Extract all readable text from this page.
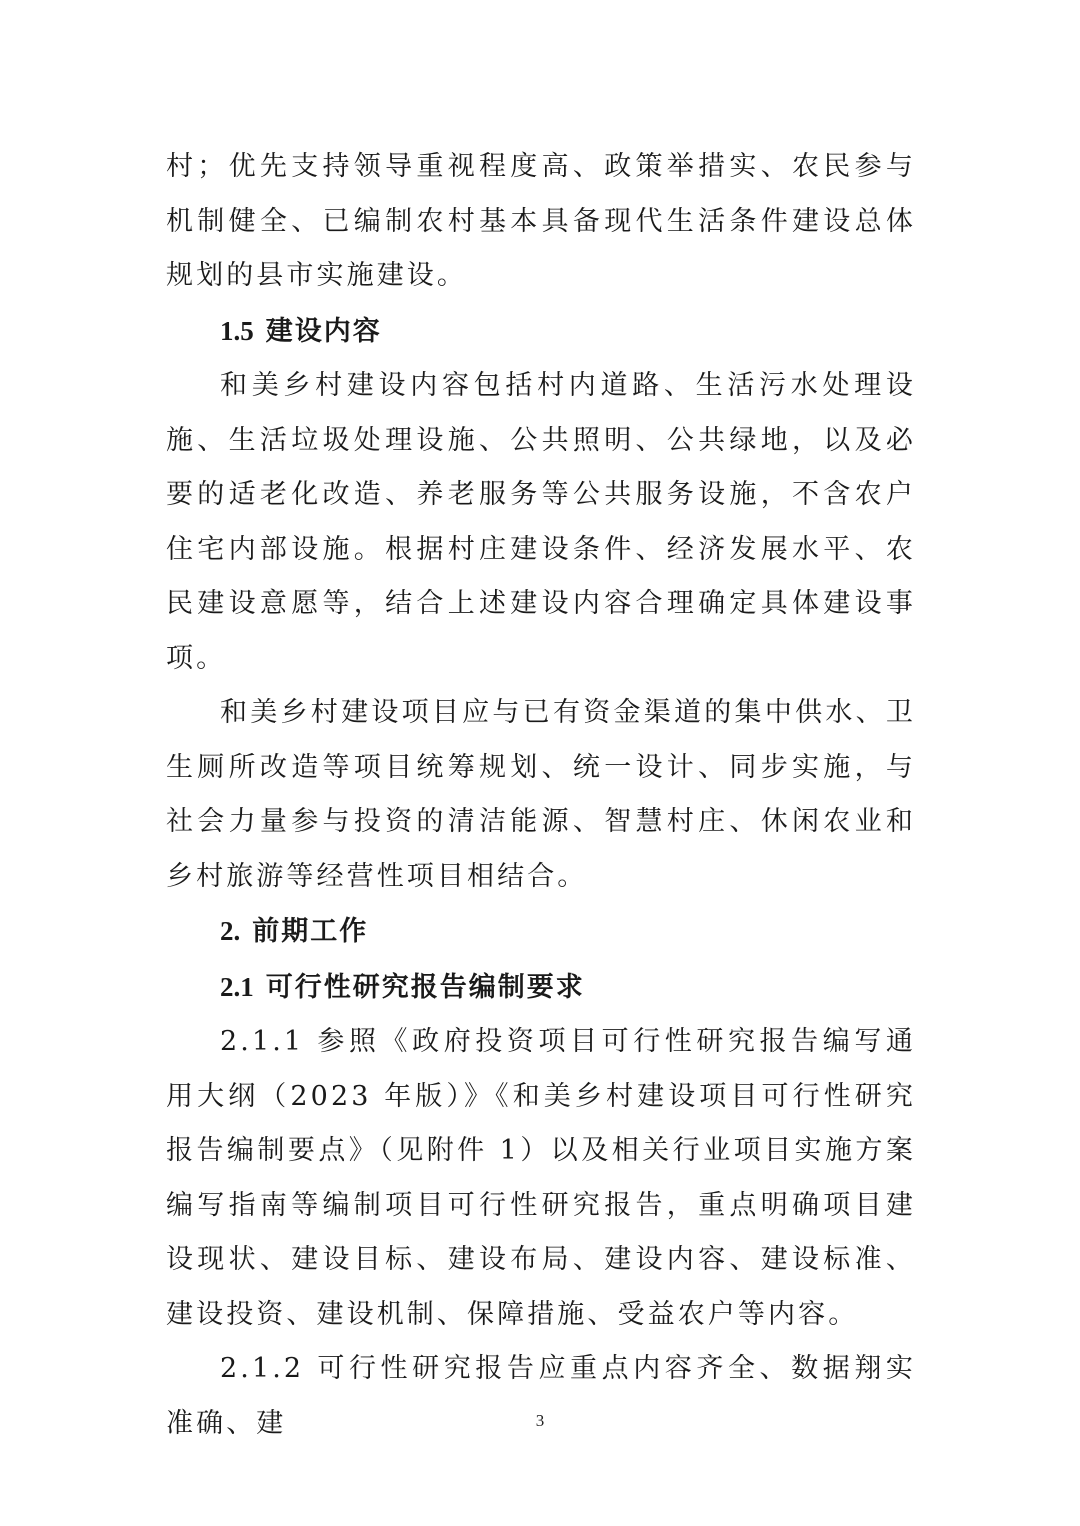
村；优先支持领导重视程度高、政策举措实、农民参与机制健全、已编制农村基本具备现代生活条件建设总体规划的县市实施建设。

1.5 建设内容

和美乡村建设内容包括村内道路、生活污水处理设施、生活垃圾处理设施、公共照明、公共绿地，以及必要的适老化改造、养老服务等公共服务设施，不含农户住宅内部设施。根据村庄建设条件、经济发展水平、农民建设意愿等，结合上述建设内容合理确定具体建设事项。

和美乡村建设项目应与已有资金渠道的集中供水、卫生厕所改造等项目统筹规划、统一设计、同步实施，与社会力量参与投资的清洁能源、智慧村庄、休闲农业和乡村旅游等经营性项目相结合。

2. 前期工作

2.1 可行性研究报告编制要求

2.1.1 参照《政府投资项目可行性研究报告编写通用大纲（2023 年版）》《和美乡村建设项目可行性研究报告编制要点》（见附件 1）以及相关行业项目实施方案编写指南等编制项目可行性研究报告，重点明确项目建设现状、建设目标、建设布局、建设内容、建设标准、建设投资、建设机制、保障措施、受益农户等内容。

2.1.2 可行性研究报告应重点内容齐全、数据翔实准确、建	3
